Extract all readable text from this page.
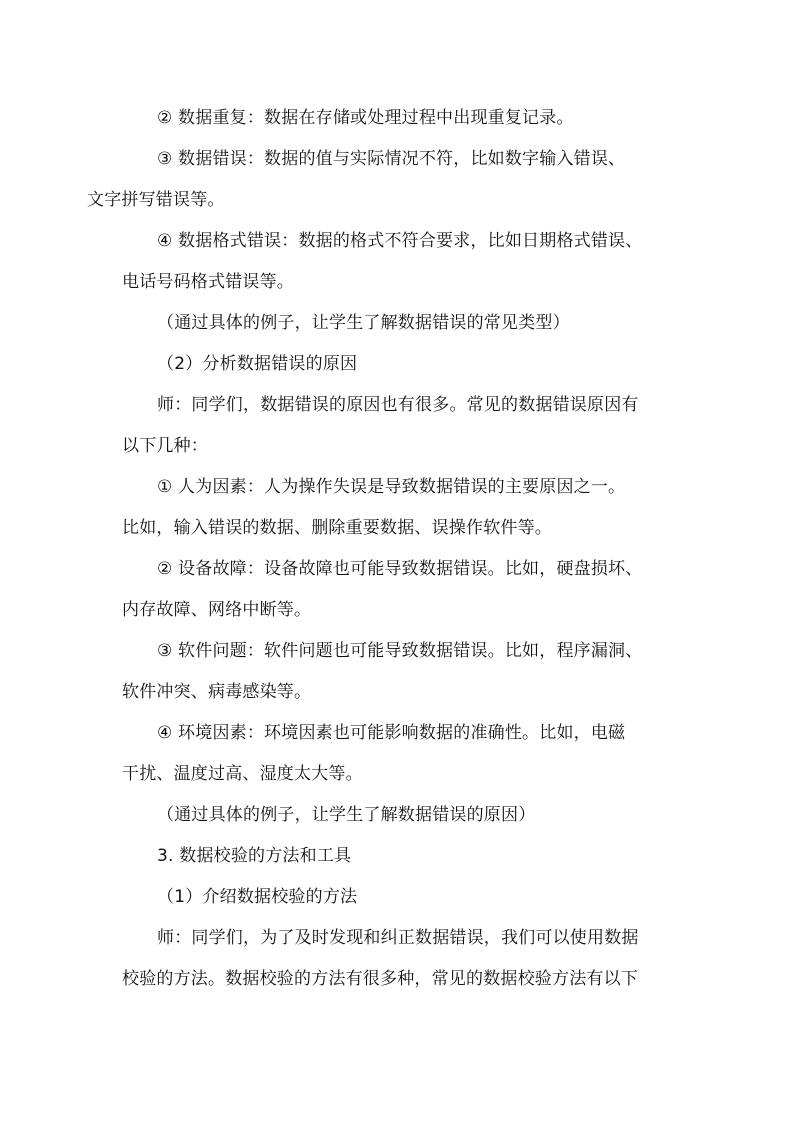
② 数据重复：数据在存储或处理过程中出现重复记录。

③ 数据错误：数据的值与实际情况不符，比如数字输入错误、
文字拼写错误等。

④ 数据格式错误：数据的格式不符合要求，比如日期格式错误、
电话号码格式错误等。

（通过具体的例子，让学生了解数据错误的常见类型）

（2）分析数据错误的原因

师：同学们，数据错误的原因也有很多。常见的数据错误原因有
以下几种：

① 人为因素：人为操作失误是导致数据错误的主要原因之一。
比如，输入错误的数据、删除重要数据、误操作软件等。

② 设备故障：设备故障也可能导致数据错误。比如，硬盘损坏、
内存故障、网络中断等。

③ 软件问题：软件问题也可能导致数据错误。比如，程序漏洞、
软件冲突、病毒感染等。

④ 环境因素：环境因素也可能影响数据的准确性。比如，电磁
干扰、温度过高、湿度太大等。

（通过具体的例子，让学生了解数据错误的原因）

3. 数据校验的方法和工具

（1）介绍数据校验的方法

师：同学们，为了及时发现和纠正数据错误，我们可以使用数据
校验的方法。数据校验的方法有很多种，常见的数据校验方法有以下
